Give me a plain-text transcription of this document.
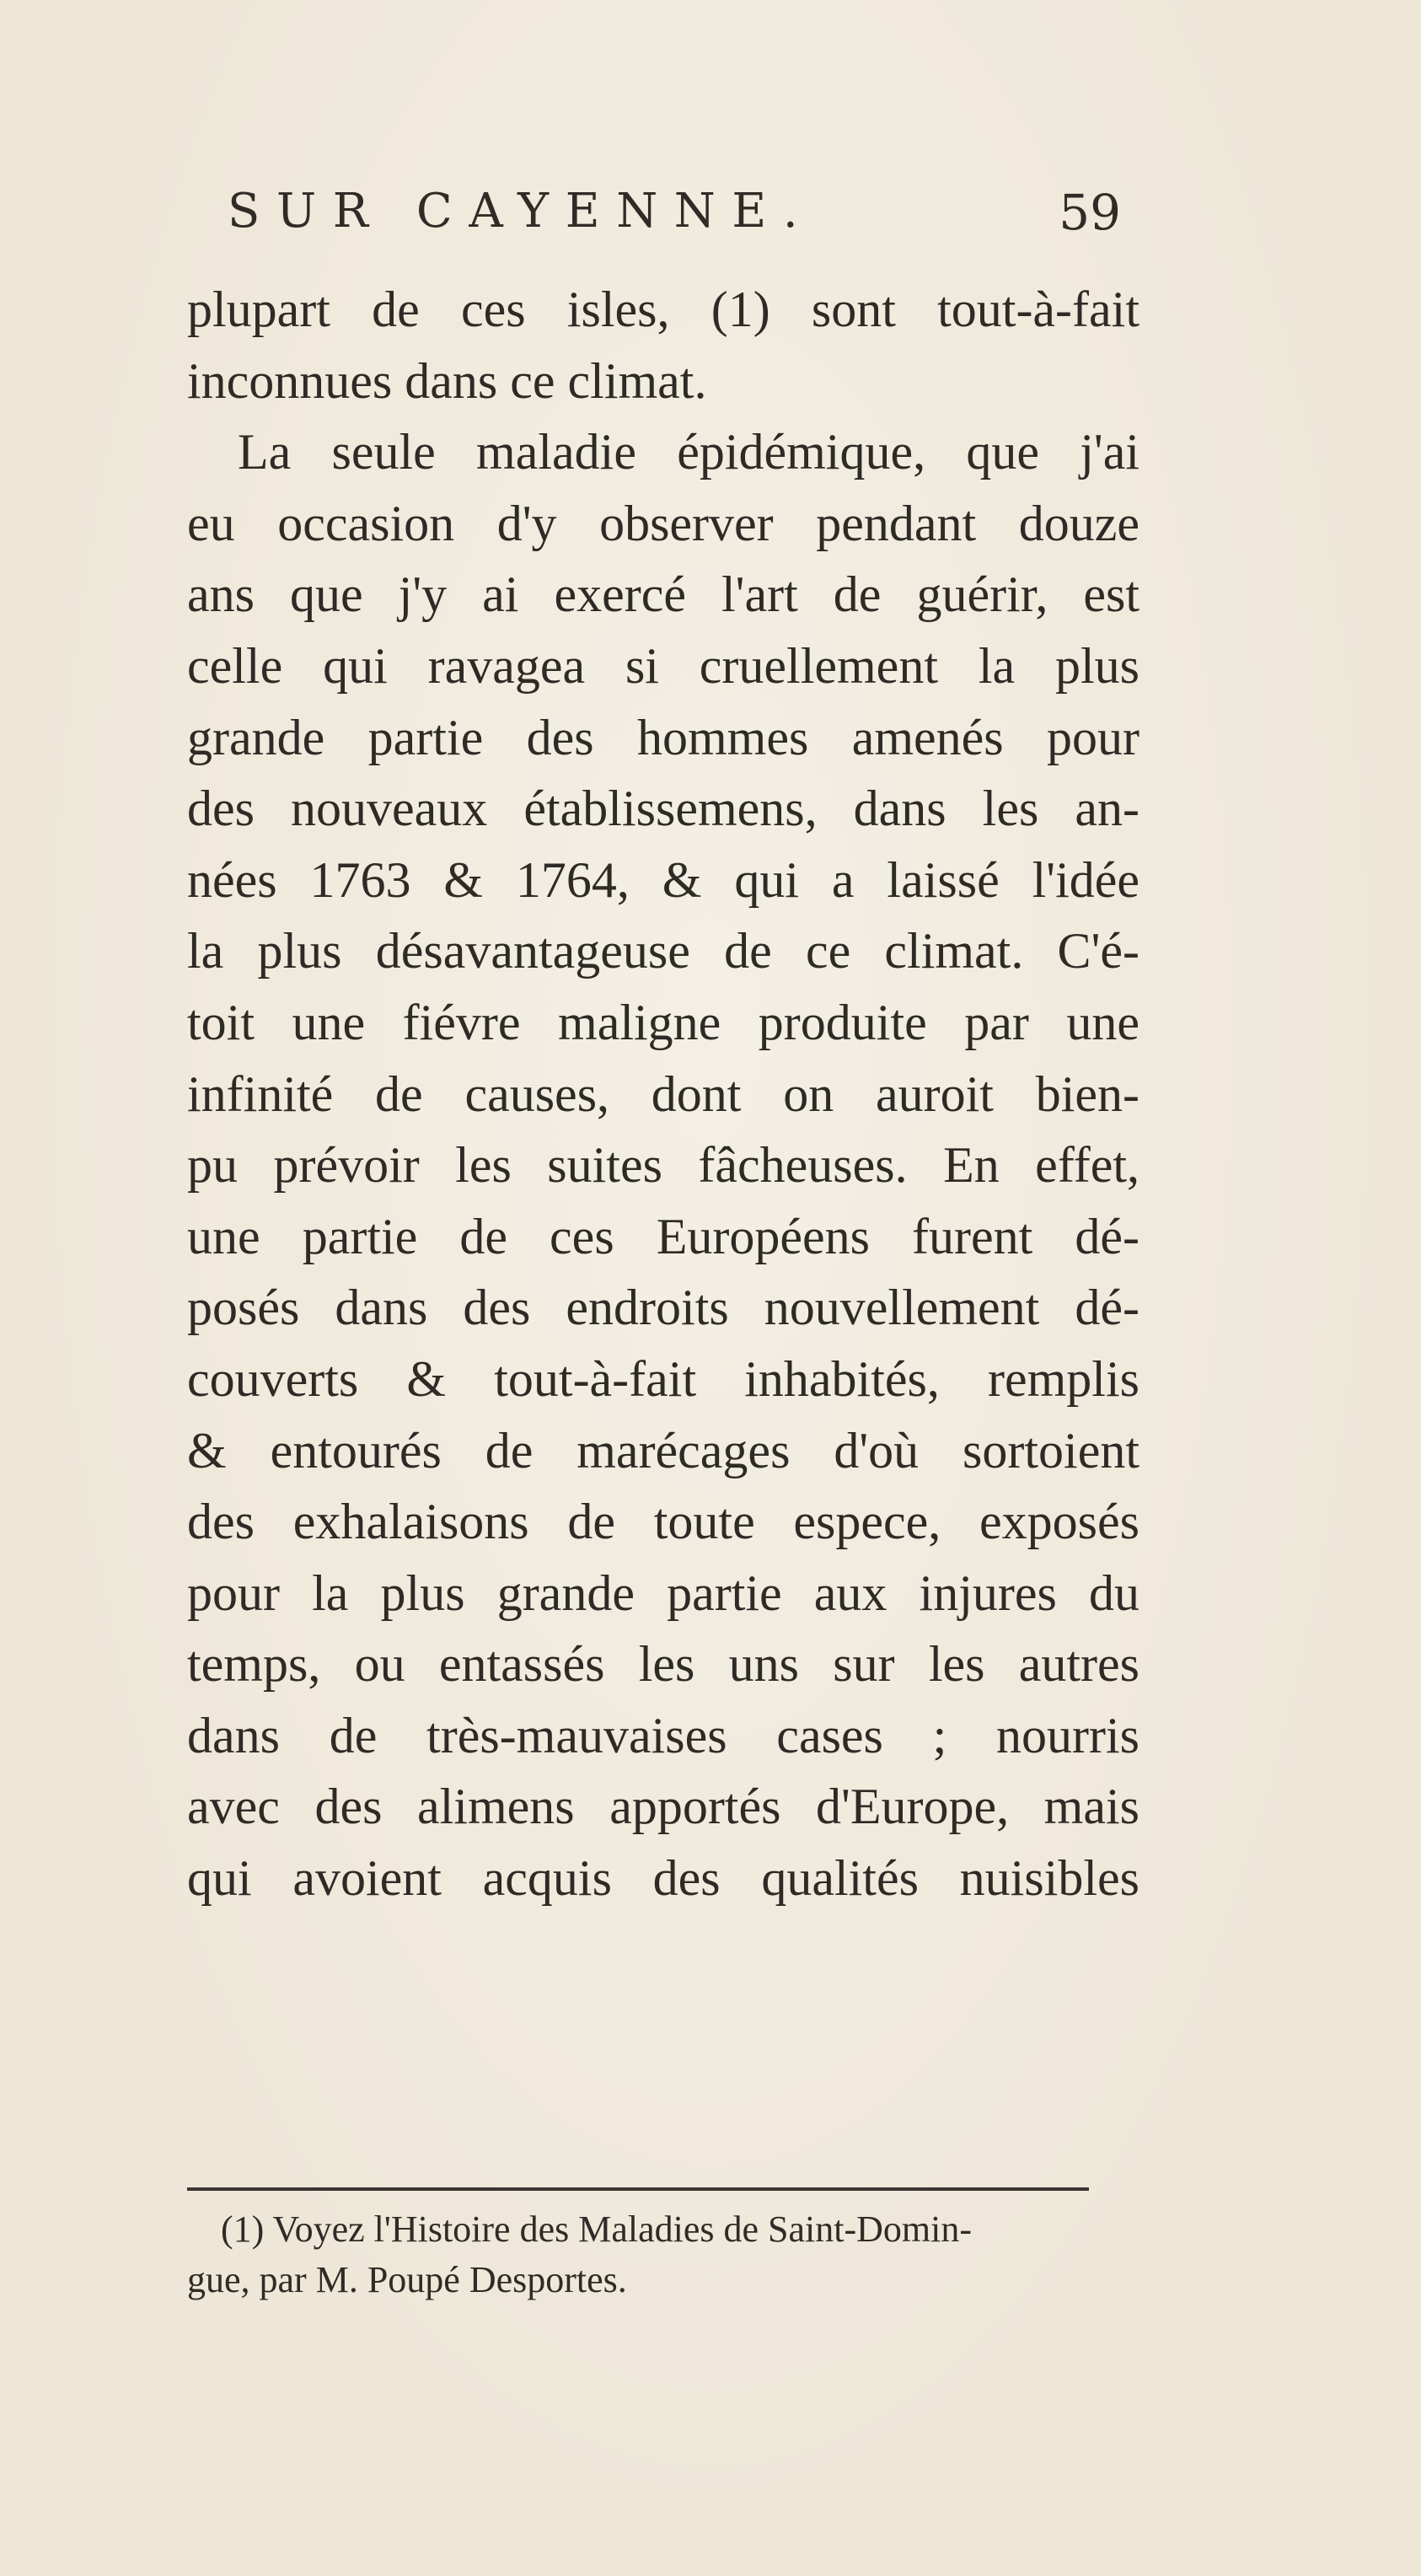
SUR CAYENNE.	59
plupart de ces isles, (1) sont tout-à-fait
inconnues dans ce climat.
La seule maladie épidémique, que j'ai
eu occasion d'y observer pendant douze
ans que j'y ai exercé l'art de guérir, est
celle qui ravagea si cruellement la plus
grande partie des hommes amenés pour
des nouveaux établissemens, dans les an-
nées 1763 & 1764, & qui a laissé l'idée
la plus désavantageuse de ce climat. C'é-
toit une fiévre maligne produite par une
infinité de causes, dont on auroit bien-
pu prévoir les suites fâcheuses. En effet,
une partie de ces Européens furent dé-
posés dans des endroits nouvellement dé-
couverts & tout-à-fait inhabités, remplis
& entourés de marécages d'où sortoient
des exhalaisons de toute espece, exposés
pour la plus grande partie aux injures du
temps, ou entassés les uns sur les autres
dans de très-mauvaises cases ; nourris
avec des alimens apportés d'Europe, mais
qui avoient acquis des qualités nuisibles
(1) Voyez l'Histoire des Maladies de Saint-Domin-
gue, par M. Poupé Desportes.
